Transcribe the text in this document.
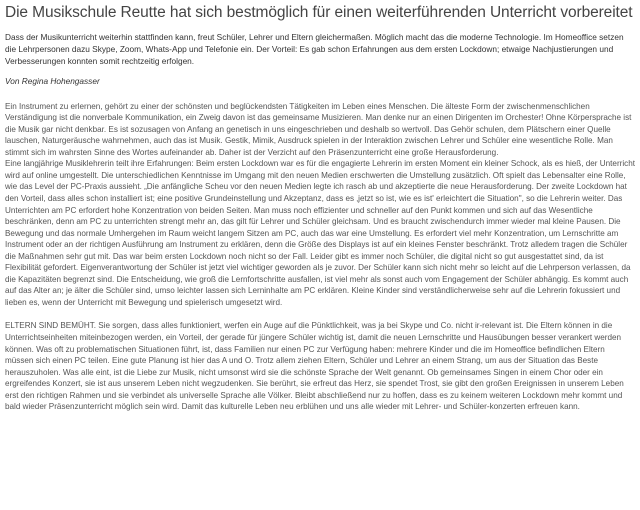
Die Musikschule Reutte hat sich bestmöglich für einen weiterführenden Unterricht vorbereitet

Dass der Musikunterricht weiterhin stattfinden kann, freut Schüler, Lehrer und Eltern gleichermaßen. Möglich macht das die moderne Technologie. Im Homeoffice setzen die Lehrpersonen dazu Skype, Zoom, Whats-App und Telefonie ein. Der Vorteil: Es gab schon Erfahrungen aus dem ersten Lockdown; etwaige Nachjustierungen und Verbesserungen konnten somit rechtzeitig erfolgen.

Von Regina Hohengasser

Ein Instrument zu erlernen, gehört zu einer der schönsten und beglückendsten Tätigkeiten im Leben eines Menschen. Die älteste Form der zwischenmenschlichen Verständigung ist die nonverbale Kommunikation, ein Zweig davon ist das gemeinsame Musizieren. Man denke nur an einen Dirigenten im Orchester! Ohne Körpersprache ist die Musik gar nicht denkbar. Es ist sozusagen von Anfang an genetisch in uns eingeschrieben und deshalb so wertvoll. Das Gehör schulen, dem Plätschern einer Quelle lauschen, Naturgeräusche wahrnehmen, auch das ist Musik. Gestik, Mimik, Ausdruck spielen in der Interaktion zwischen Lehrer und Schüler eine wesentliche Rolle. Man stimmt sich im wahrsten Sinne des Wortes aufeinander ab. Daher ist der Verzicht auf den Präsenzunterricht eine große Herausforderung.

Eine langjährige Musiklehrerin teilt ihre Erfahrungen: Beim ersten Lockdown war es für die engagierte Lehrerin im ersten Moment ein kleiner Schock, als es hieß, der Unterricht wird auf online umgestellt. Die unterschiedlichen Kenntnisse im Umgang mit den neuen Medien erschwerten die Umstellung zusätzlich. Oft spielt das Lebensalter eine Rolle, wie das Level der PC-Praxis aussieht. „Die anfängliche Scheu vor den neuen Medien legte ich rasch ab und akzeptierte die neue Herausforderung. Der zweite Lockdown hat den Vorteil, dass alles schon installiert ist; eine positive Grundeinstellung und Akzeptanz, dass es ‚jetzt so ist, wie es ist' erleichtert die Situation", so die Lehrerin weiter. Das Unterrichten am PC erfordert hohe Konzentration von beiden Seiten. Man muss noch effizienter und schneller auf den Punkt kommen und sich auf das Wesentliche beschränken, denn am PC zu unterrichten strengt mehr an, das gilt für Lehrer und Schüler gleichsam. Und es braucht zwischendurch immer wieder mal kleine Pausen. Die Bewegung und das normale Umhergehen im Raum weicht langem Sitzen am PC, auch das war eine Umstellung. Es erfordert viel mehr Konzentration, um Lernschritte am Instrument oder an der richtigen Ausführung am Instrument zu erklären, denn die Größe des Displays ist auf ein kleines Fenster beschränkt. Trotz alledem tragen die Schüler die Maßnahmen sehr gut mit. Das war beim ersten Lockdown noch nicht so der Fall. Leider gibt es immer noch Schüler, die digital nicht so gut ausgestattet sind, da ist Flexibilität gefordert. Eigenverantwortung der Schüler ist jetzt viel wichtiger geworden als je zuvor. Der Schüler kann sich nicht mehr so leicht auf die Lehrperson verlassen, da die Kapazitäten begrenzt sind. Die Entscheidung, wie groß die Lernfortschritte ausfallen, ist viel mehr als sonst auch vom Engagement der Schüler abhängig. Es kommt auch auf das Alter an; je älter die Schüler sind, umso leichter lassen sich Lerninhalte am PC erklären. Kleine Kinder sind verständlicherweise sehr auf die Lehrerin fokussiert und lieben es, wenn der Unterricht mit Bewegung und spielerisch umgesetzt wird.

ELTERN SIND BEMÜHT. Sie sorgen, dass alles funktioniert, werfen ein Auge auf die Pünktlichkeit, was ja bei Skype und Co. nicht ir-relevant ist. Die Eltern können in die Unterrichtseinheiten miteinbezogen werden, ein Vorteil, der gerade für jüngere Schüler wichtig ist, damit die neuen Lernschritte und Hausübungen besser verankert werden können. Was oft zu problematischen Situationen führt, ist, dass Familien nur einen PC zur Verfügung haben: mehrere Kinder und die im Homeoffice befindlichen Eltern müssen sich einen PC teilen. Eine gute Planung ist hier das A und O. Trotz allem ziehen Eltern, Schüler und Lehrer an einem Strang, um aus der Situation das Beste herauszuholen. Was alle eint, ist die Liebe zur Musik, nicht umsonst wird sie die schönste Sprache der Welt genannt. Ob gemeinsames Singen in einem Chor oder ein ergreifendes Konzert, sie ist aus unserem Leben nicht wegzudenken. Sie berührt, sie erfreut das Herz, sie spendet Trost, sie gibt den großen Ereignissen in unserem Leben erst den richtigen Rahmen und sie verbindet als universelle Sprache alle Völker. Bleibt abschließend nur zu hoffen, dass es zu keinem weiteren Lockdown mehr kommt und bald wieder Präsenzunterricht möglich sein wird. Damit das kulturelle Leben neu erblühen und uns alle wieder mit Lehrer- und Schüler-konzerten erfreuen kann.
